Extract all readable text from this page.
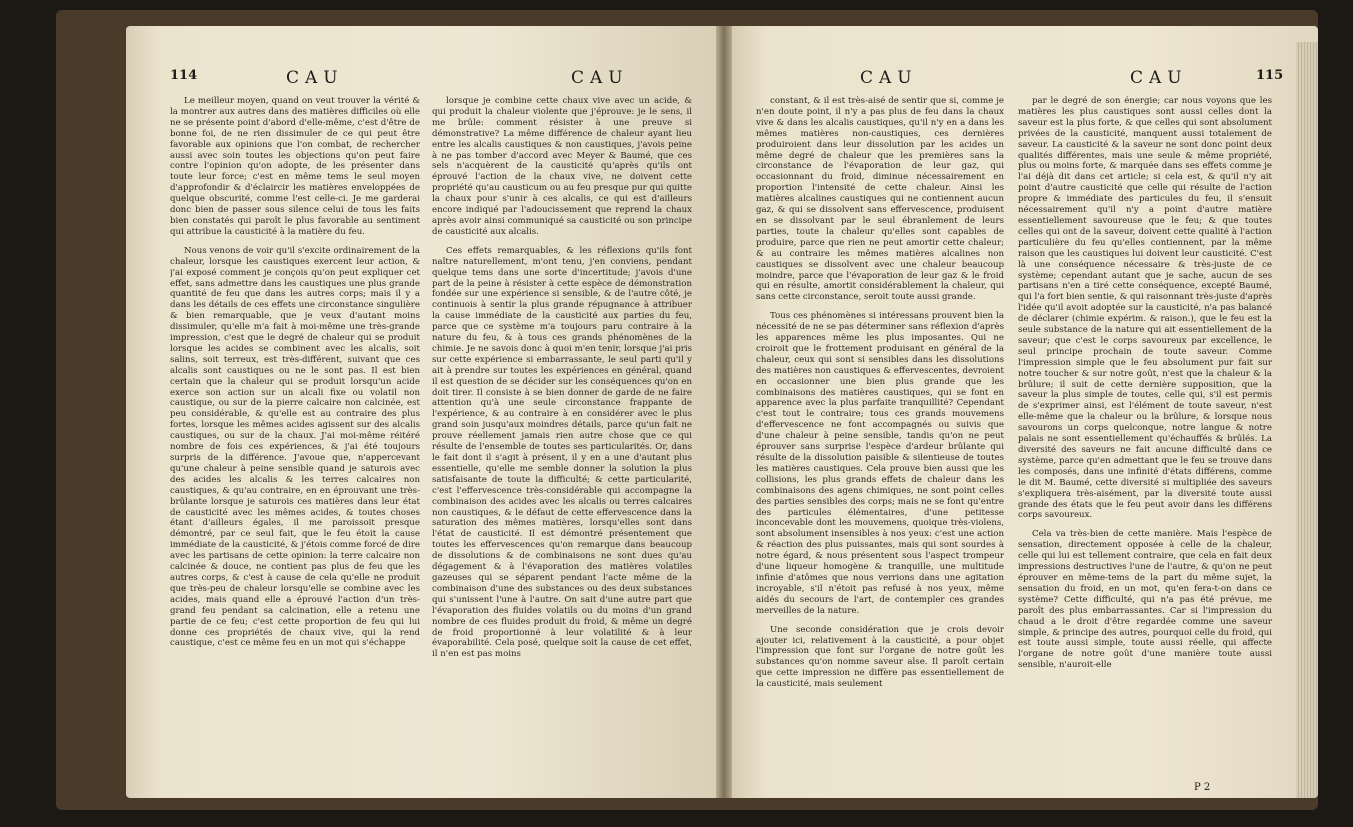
114	CAU	CAU

Le meilleur moyen, quand on veut trouver la vérité & la montrer aux autres dans des matières difficiles où elle ne se présente point d'abord d'elle-même, c'est d'être de bonne foi, de ne rien dissimuler de ce qui peut être favorable aux opinions que l'on combat, de rechercher aussi avec soin toutes les objections qu'on peut faire contre l'opinion qu'on adopte, de les présenter dans toute leur force; c'est en même tems le seul moyen d'approfondir & d'éclaircir les matières enveloppées de quelque obscurité, comme l'est celle-ci. Je me garderai donc bien de passer sous silence celui de tous les faits bien constatés qui paroît le plus favorable au sentiment qui attribue la causticité à la matière du feu.

Nous venons de voir qu'il s'excite ordinairement de la chaleur, lorsque les caustiques exercent leur action, & j'ai exposé comment je conçois qu'on peut expliquer cet effet, sans admettre dans les caustiques une plus grande quantité de feu que dans les autres corps; mais il y a dans les détails de ces effets une circonstance singulière & bien remarquable, que je veux d'autant moins dissimuler, qu'elle m'a fait à moi-même une très-grande impression, c'est que le degré de chaleur qui se produit lorsque les acides se combinent avec les alcalis, soit salins, soit terreux, est très-différent, suivant que ces alcalis sont caustiques ou ne le sont pas. Il est bien certain que la chaleur qui se produit lorsqu'un acide exerce son action sur un alcali fixe ou volatil non caustique, ou sur de la pierre calcaire non calcinée, est peu considérable, & qu'elle est au contraire des plus fortes, lorsque les mêmes acides agissent sur des alcalis caustiques, ou sur de la chaux. J'ai moi-même réitéré nombre de fois ces expériences, & j'ai été toujours surpris de la différence. J'avoue que, n'appercevant qu'une chaleur à peine sensible quand je saturois avec des acides les alcalis & les terres calcaires non caustiques, & qu'au contraire, en en éprouvant une très-brûlante lorsque je saturois ces matières dans leur état de causticité avec les mêmes acides, & toutes choses étant d'ailleurs égales, il me paroissoit presque démontré, par ce seul fait, que le feu étoit la cause immédiate de la causticité, & j'étois comme forcé de dire avec les partisans de cette opinion: la terre calcaire non calcinée & douce, ne contient pas plus de feu que les autres corps, & c'est à cause de cela qu'elle ne produit que très-peu de chaleur lorsqu'elle se combine avec les acides, mais quand elle a éprouvé l'action d'un très-grand feu pendant sa calcination, elle a retenu une partie de ce feu; c'est cette proportion de feu qui lui donne ces propriétés de chaux vive, qui la rend caustique, c'est ce même feu en un mot qui s'échappe

lorsque je combine cette chaux vive avec un acide, & qui produit la chaleur violente que j'éprouve: je le sens, il me brûle: comment résister à une preuve si démonstrative? La même différence de chaleur ayant lieu entre les alcalis caustiques & non caustiques, j'avois peine à ne pas tomber d'accord avec Meyer & Baumé, que ces sels n'acquèrent de la causticité qu'après qu'ils ont éprouvé l'action de la chaux vive, ne doivent cette propriété qu'au causticum ou au feu presque pur qui quitte la chaux pour s'unir à ces alcalis, ce qui est d'ailleurs encore indiqué par l'adoucissement que reprend la chaux après avoir ainsi communiqué sa causticité ou son principe de causticité aux alcalis.

Ces effets remarquables, & les réflexions qu'ils font naître naturellement, m'ont tenu, j'en conviens, pendant quelque tems dans une sorte d'incertitude; j'avois d'une part de la peine à résister à cette espèce de démonstration fondée sur une expérience si sensible, & de l'autre côté, je continuois à sentir la plus grande répugnance à attribuer la cause immédiate de la causticité aux parties du feu, parce que ce système m'a toujours paru contraire à la nature du feu, & à tous ces grands phénomènes de la chimie. Je ne savois donc à quoi m'en tenir, lorsque j'ai pris sur cette expérience si embarrassante, le seul parti qu'il y ait à prendre sur toutes les expériences en général, quand il est question de se décider sur les conséquences qu'on en doit tirer. Il consiste à se bien donner de garde de ne faire attention qu'à une seule circonstance frappante de l'expérience, & au contraire à en considérer avec le plus grand soin jusqu'aux moindres détails, parce qu'un fait ne prouve réellement jamais rien autre chose que ce qui résulte de l'ensemble de toutes ses particularités. Or, dans le fait dont il s'agit à présent, il y en a une d'autant plus essentielle, qu'elle me semble donner la solution la plus satisfaisante de toute la difficulté; & cette particularité, c'est l'effervescence très-considérable qui accompagne la combinaison des acides avec les alcalis ou terres calcaires non caustiques, & le défaut de cette effervescence dans la saturation des mêmes matières, lorsqu'elles sont dans l'état de causticité. Il est démontré présentement que toutes les effervescences qu'on remarque dans beaucoup de dissolutions & de combinaisons ne sont dues qu'au dégagement & à l'évaporation des matières volatiles gazeuses qui se séparent pendant l'acte même de la combinaison d'une des substances ou des deux substances qui s'unissent l'une à l'autre. On sait d'une autre part que l'évaporation des fluides volatils ou du moins d'un grand nombre de ces fluides produit du froid, & même un degré de froid proportionné à leur volatilité & à leur évaporabilité. Cela posé, quelque soit la cause de cet effet, il n'en est pas moins

CAU	CAU	115

constant, & il est très-aisé de sentir que si, comme je n'en doute point, il n'y a pas plus de feu dans la chaux vive & dans les alcalis caustiques, qu'il n'y en a dans les mêmes matières non-caustiques, ces dernières produiroient dans leur dissolution par les acides un même degré de chaleur que les premières sans la circonstance de l'évaporation de leur gaz, qui occasionnant du froid, diminue nécessairement en proportion l'intensité de cette chaleur. Ainsi les matières alcalines caustiques qui ne contiennent aucun gaz, & qui se dissolvent sans effervescence, produisent en se dissolvant par le seul ébranlement de leurs parties, toute la chaleur qu'elles sont capables de produire, parce que rien ne peut amortir cette chaleur; & au contraire les mêmes matières alcalines non caustiques se dissolvent avec une chaleur beaucoup moindre, parce que l'évaporation de leur gaz & le froid qui en résulte, amortit considérablement la chaleur, qui sans cette circonstance, seroit toute aussi grande.

Tous ces phénomènes si intéressans prouvent bien la nécessité de ne se pas déterminer sans réflexion d'après les apparences même les plus imposantes. Qui ne croiroit que le frottement produisant en général de la chaleur, ceux qui sont si sensibles dans les dissolutions des matières non caustiques & effervescentes, devroient en occasionner une bien plus grande que les combinaisons des matières caustiques, qui se font en apparence avec la plus parfaite tranquillité? Cependant c'est tout le contraire; tous ces grands mouvemens d'effervescence ne font accompagnés ou suivis que d'une chaleur à peine sensible, tandis qu'on ne peut éprouver sans surprise l'espèce d'ardeur brûlante qui résulte de la dissolution paisible & silentieuse de toutes les matières caustiques. Cela prouve bien aussi que les collisions, les plus grands effets de chaleur dans les combinaisons des agens chimiques, ne sont point celles des parties sensibles des corps; mais ne se font qu'entre des particules élémentaires, d'une petitesse inconcevable dont les mouvemens, quoique très-violens, sont absolument insensibles à nos yeux: c'est une action & réaction des plus puissantes, mais qui sont sourdes à notre égard, & nous présentent sous l'aspect trompeur d'une liqueur homogène & tranquille, une multitude infinie d'atômes que nous verrions dans une agitation incroyable, s'il n'étoit pas refusé à nos yeux, même aidés du secours de l'art, de contempler ces grandes merveilles de la nature.

Une seconde considération que je crois devoir ajouter ici, relativement à la causticité, a pour objet l'impression que font sur l'organe de notre goût les substances qu'on nomme saveur alse. Il paroît certain que cette impression ne diffère pas essentiellement de la causticité, mais seulement

par le degré de son énergie; car nous voyons que les matières les plus caustiques sont aussi celles dont la saveur est la plus forte, & que celles qui sont absolument privées de la causticité, manquent aussi totalement de saveur. La causticité & la saveur ne sont donc point deux qualités différentes, mais une seule & même propriété, plus ou moins forte, & marquée dans ses effets comme je l'ai déjà dit dans cet article; si cela est, & qu'il n'y ait point d'autre causticité que celle qui résulte de l'action propre & immédiate des particules du feu, il s'ensuit nécessairement qu'il n'y a point d'autre matière essentiellement savoureuse que le feu; & que toutes celles qui ont de la saveur, doivent cette qualité à l'action particulière du feu qu'elles contiennent, par la même raison que les caustiques lui doivent leur causticité. C'est là une conséquence nécessaire & très-juste de ce système; cependant autant que je sache, aucun de ses partisans n'en a tiré cette conséquence, excepté Baumé, qui l'a fort bien sentie, & qui raisonnant très-juste d'après l'idée qu'il avoit adoptée sur la causticité, n'a pas balancé de déclarer (chimie expérim. & raison.), que le feu est la seule substance de la nature qui ait essentiellement de la saveur; que c'est le corps savoureux par excellence, le seul principe prochain de toute saveur. Comme l'impression simple que le feu absolument pur fait sur notre toucher & sur notre goût, n'est que la chaleur & la brûlure; il suit de cette dernière supposition, que la saveur la plus simple de toutes, celle qui, s'il est permis de s'exprimer ainsi, est l'élément de toute saveur, n'est elle-même que la chaleur ou la brûlure, & lorsque nous savourons un corps quelconque, notre langue & notre palais ne sont essentiellement qu'échauffés & brûlés. La diversité des saveurs ne fait aucune difficulté dans ce système, parce qu'en admettant que le feu se trouve dans les composés, dans une infinité d'états différens, comme le dit M. Baumé, cette diversité si multipliée des saveurs s'expliquera très-aisément, par la diversité toute aussi grande des états que le feu peut avoir dans les différens corps savoureux.

Cela va très-bien de cette manière. Mais l'espèce de sensation, directement opposée à celle de la chaleur, celle qui lui est tellement contraire, que cela en fait deux impressions destructives l'une de l'autre, & qu'on ne peut éprouver en même-tems de la part du même sujet, la sensation du froid, en un mot, qu'en fera-t-on dans ce système? Cette difficulté, qui n'a pas été prévue, me paroît des plus embarrassantes. Car si l'impression du chaud a le droit d'être regardée comme une saveur simple, & principe des autres, pourquoi celle du froid, qui est toute aussi simple, toute aussi réelle, qui affecte l'organe de notre goût d'une manière toute aussi sensible, n'auroit-elle

P 2
